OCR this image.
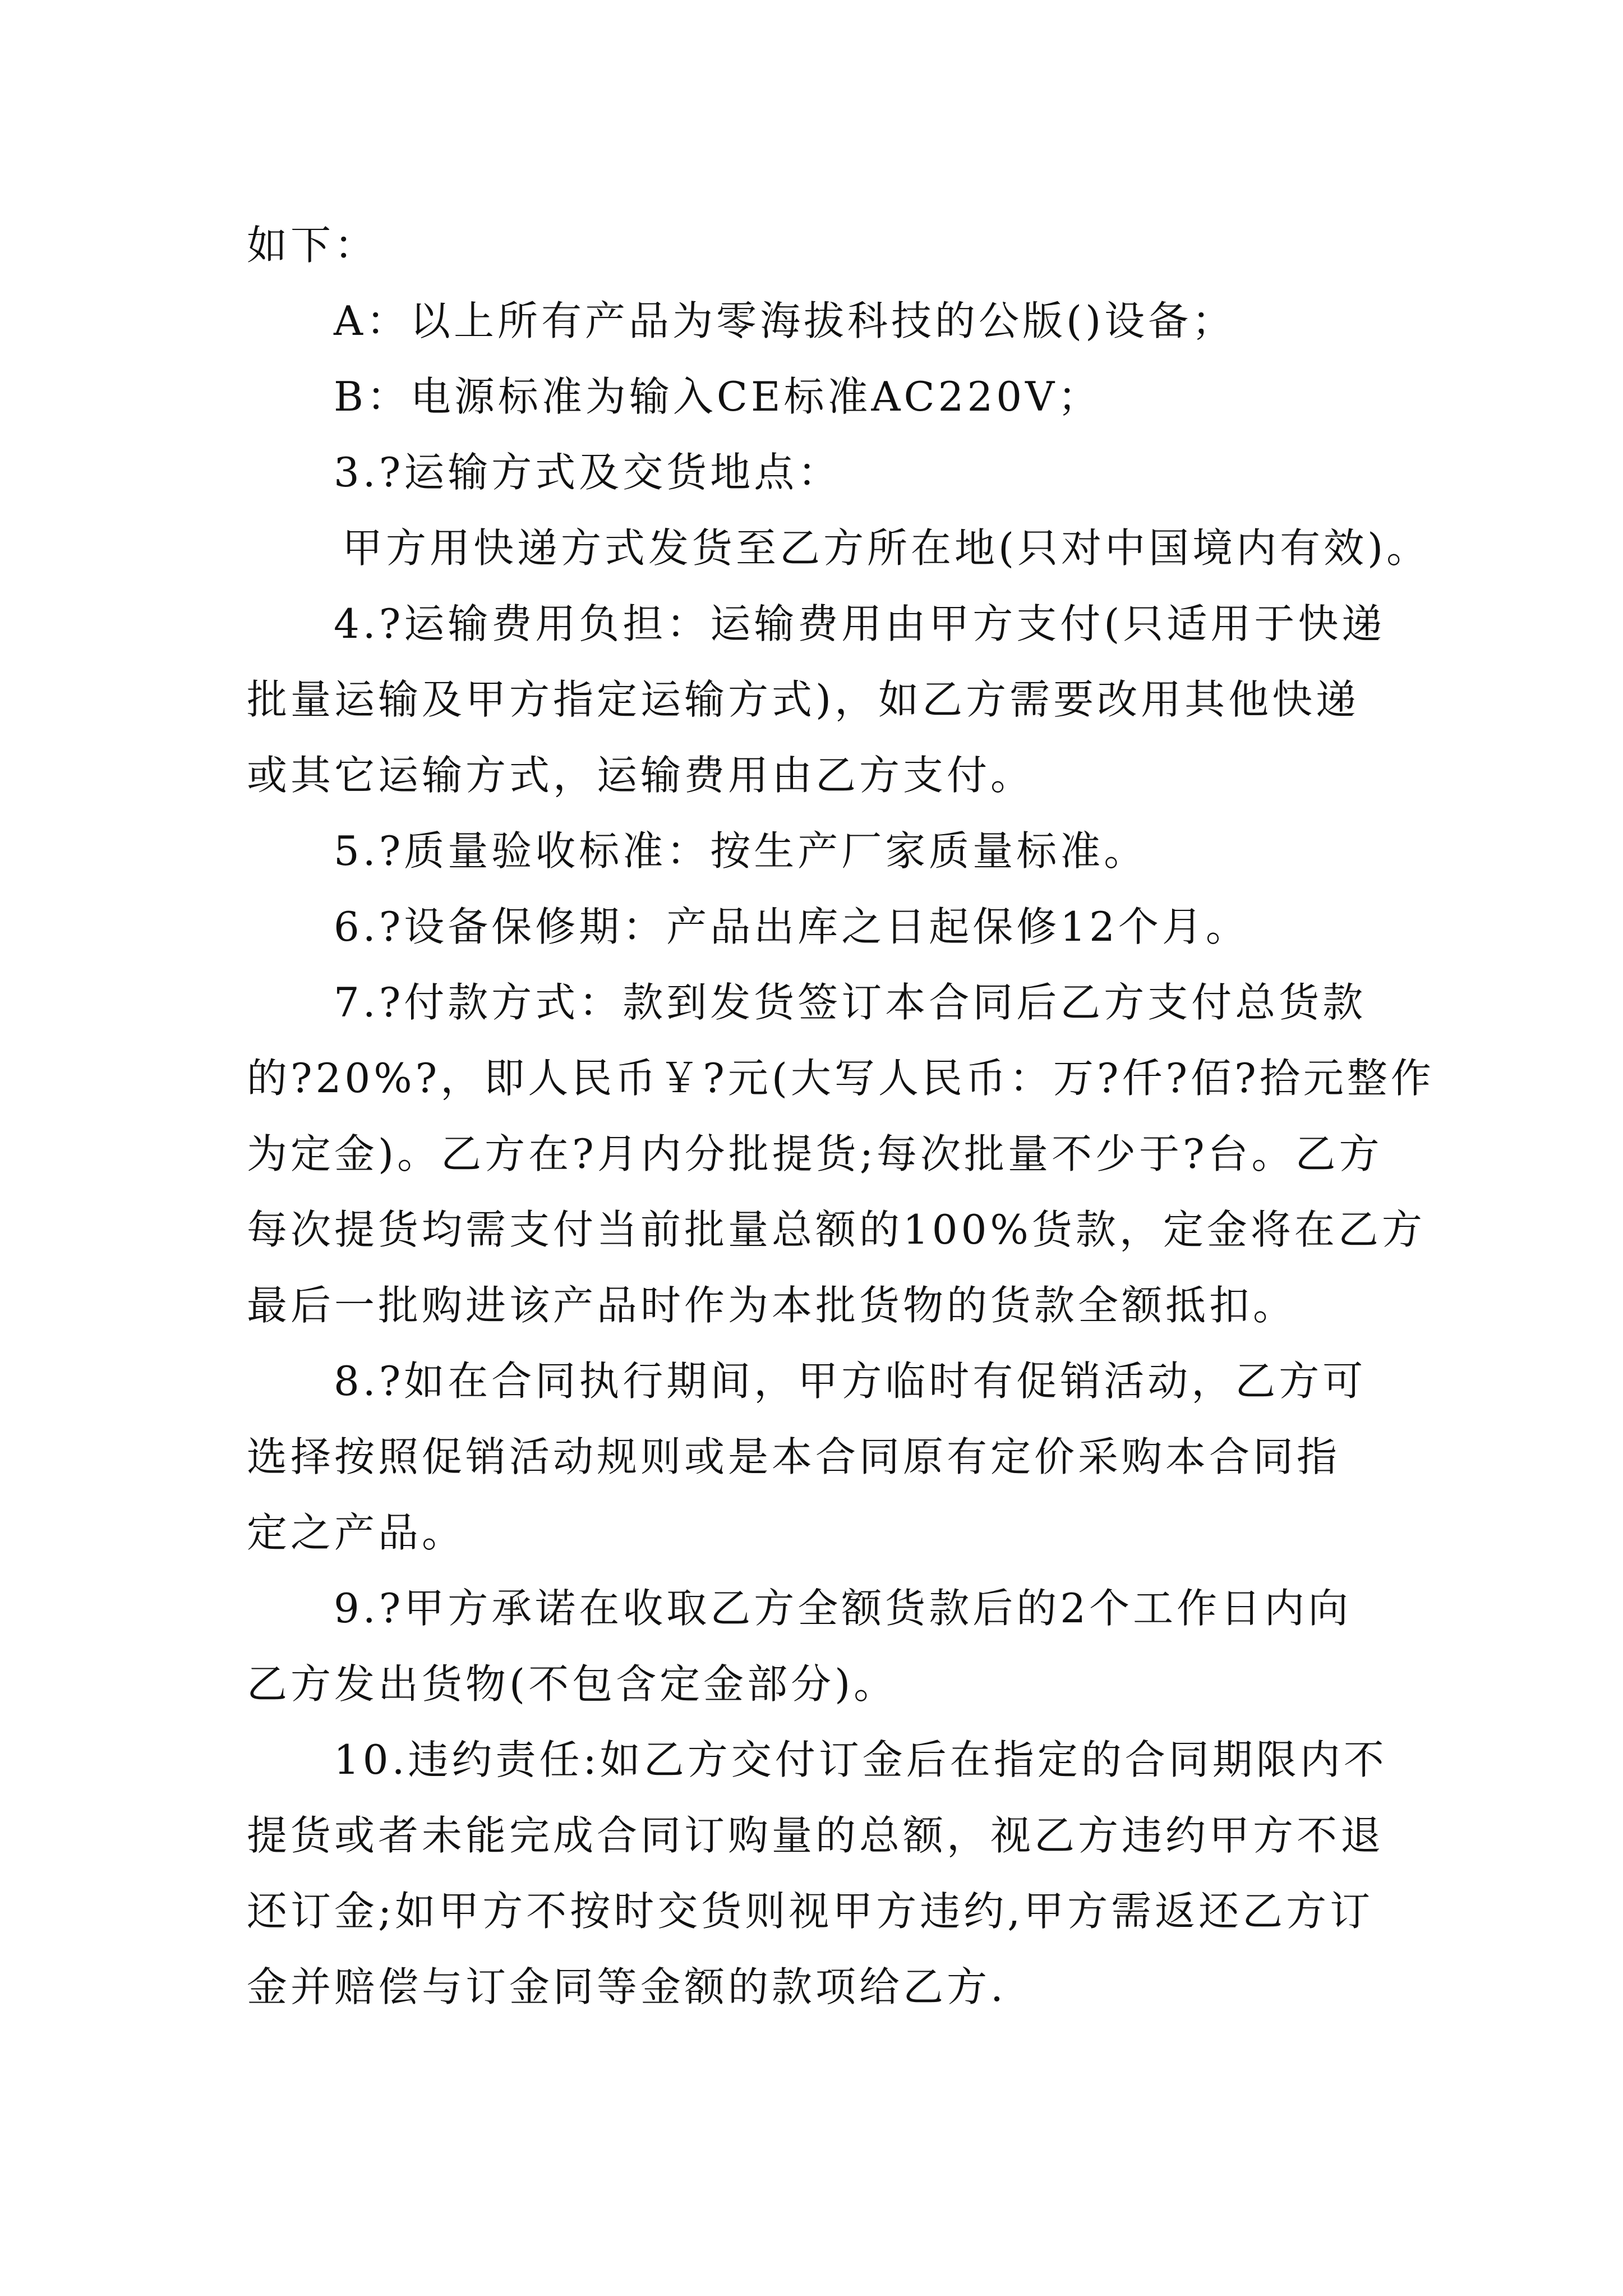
如下：
A：以上所有产品为零海拔科技的公版()设备；
B：电源标准为输入CE标准AC220V；
3.?运输方式及交货地点：
甲方用快递方式发货至乙方所在地(只对中国境内有效)。
4.?运输费用负担：运输费用由甲方支付(只适用于快递
批量运输及甲方指定运输方式)，如乙方需要改用其他快递
或其它运输方式，运输费用由乙方支付。
5.?质量验收标准：按生产厂家质量标准。
6.?设备保修期：产品出库之日起保修12个月。
7.?付款方式：款到发货签订本合同后乙方支付总货款
的?20%?，即人民币￥?元(大写人民币：万?仟?佰?拾元整作
为定金)。乙方在?月内分批提货;每次批量不少于?台。乙方
每次提货均需支付当前批量总额的100%货款，定金将在乙方
最后一批购进该产品时作为本批货物的货款全额抵扣。
8.?如在合同执行期间，甲方临时有促销活动，乙方可
选择按照促销活动规则或是本合同原有定价采购本合同指
定之产品。
9.?甲方承诺在收取乙方全额货款后的2个工作日内向
乙方发出货物(不包含定金部分)。
10.违约责任:如乙方交付订金后在指定的合同期限内不
提货或者未能完成合同订购量的总额，视乙方违约甲方不退
还订金;如甲方不按时交货则视甲方违约,甲方需返还乙方订
金并赔偿与订金同等金额的款项给乙方.
